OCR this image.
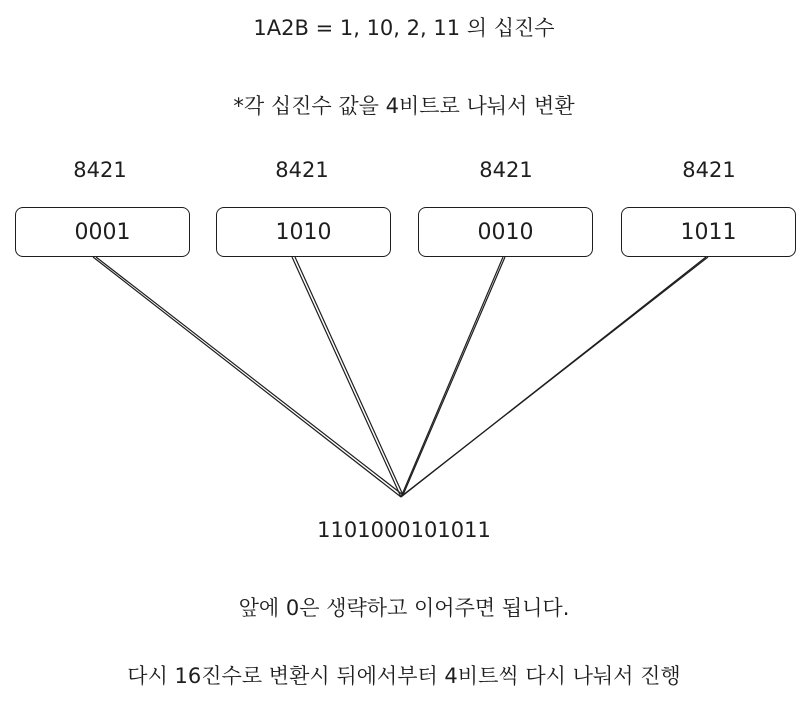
1A2B = 1, 10, 2, 11 의 십진수
*각 십진수 값을 4비트로 나눠서 변환
8421	8421	8421	8421
0001	1010	0010	1011
1101000101011
앞에 0은 생략하고 이어주면 됩니다.
다시 16진수로 변환시 뒤에서부터 4비트씩 다시 나눠서 진행
